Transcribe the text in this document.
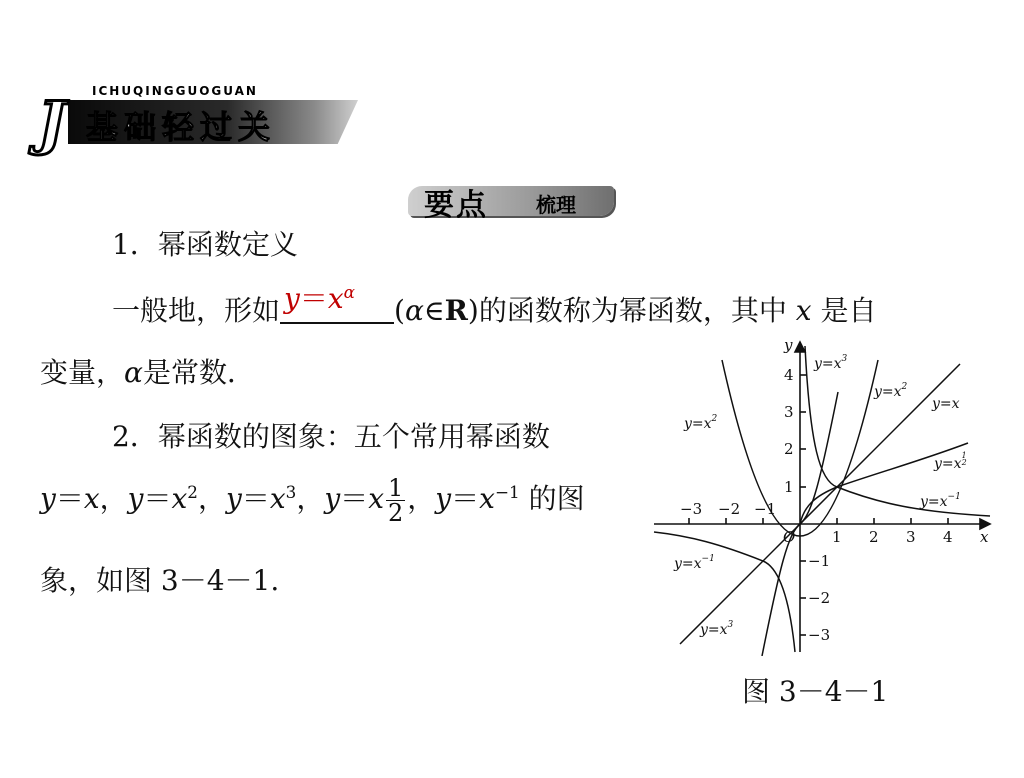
ICHUQINGGUOGUAN
J 基础轻过关
要点 梳理
1．幂函数定义
一般地，形如 $y=x^\alpha$
(α∈R)的函数称为幂函数，其中 x 是自
变量，α是常数．
2．幂函数的图象：五个常用幂函数
y＝x，$y=x^2$，$y=x^3$，$y=x \frac{1}{2}$ ，$y=x^{-1}$ 的图
象，如图 3－4－1.
x
y
O
−3 −2 −1
1 2 3 4
4
3
2
1
−1
−2
−3
$y=x^3$
$y=x^2$
y=x
$y=x^2$
$y=x^1$ 2
$y=x^{-1}$
$y=x^{-1}$
$y=x^3$
图 3－4－1
